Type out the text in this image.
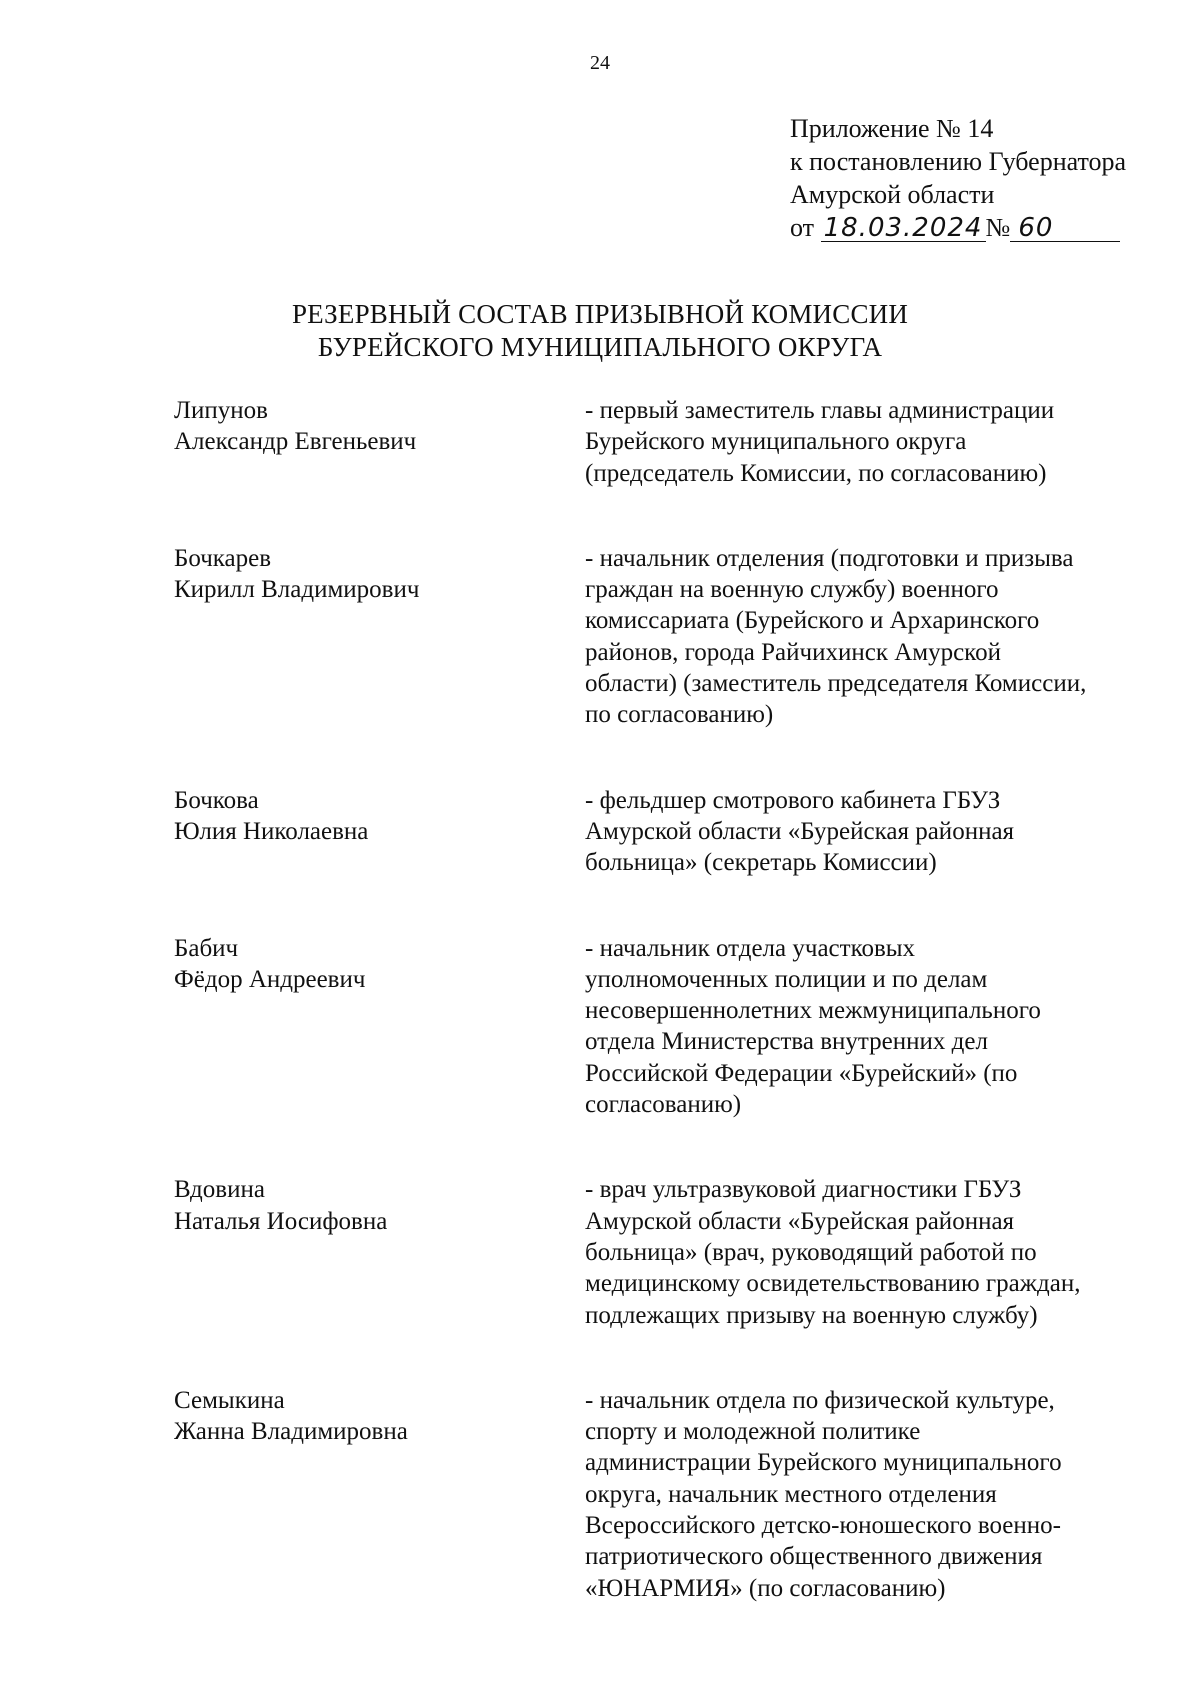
24
Приложение № 14
к постановлению Губернатора
Амурской области
от 18.03.2024 № 60
РЕЗЕРВНЫЙ СОСТАВ ПРИЗЫВНОЙ КОМИССИИ
БУРЕЙСКОГО МУНИЦИПАЛЬНОГО ОКРУГА
Липунов
Александр Евгеньевич
- первый заместитель главы администрации
Бурейского муниципального округа
(председатель Комиссии, по согласованию)
Бочкарев
Кирилл Владимирович
- начальник отделения (подготовки и призыва
граждан на военную службу) военного
комиссариата (Бурейского и Архаринского
районов, города Райчихинск Амурской
области) (заместитель председателя Комиссии,
по согласованию)
Бочкова
Юлия Николаевна
- фельдшер смотрового кабинета ГБУЗ
Амурской области «Бурейская районная
больница» (секретарь Комиссии)
Бабич
Фёдор Андреевич
- начальник отдела участковых
уполномоченных полиции и по делам
несовершеннолетних межмуниципального
отдела Министерства внутренних дел
Российской Федерации «Бурейский» (по
согласованию)
Вдовина
Наталья Иосифовна
- врач ультразвуковой диагностики ГБУЗ
Амурской области «Бурейская районная
больница» (врач, руководящий работой по
медицинскому освидетельствованию граждан,
подлежащих призыву на военную службу)
Семыкина
Жанна Владимировна
- начальник отдела по физической культуре,
спорту и молодежной политике
администрации Бурейского муниципального
округа, начальник местного отделения
Всероссийского детско-юношеского военно-
патриотического общественного движения
«ЮНАРМИЯ» (по согласованию)
